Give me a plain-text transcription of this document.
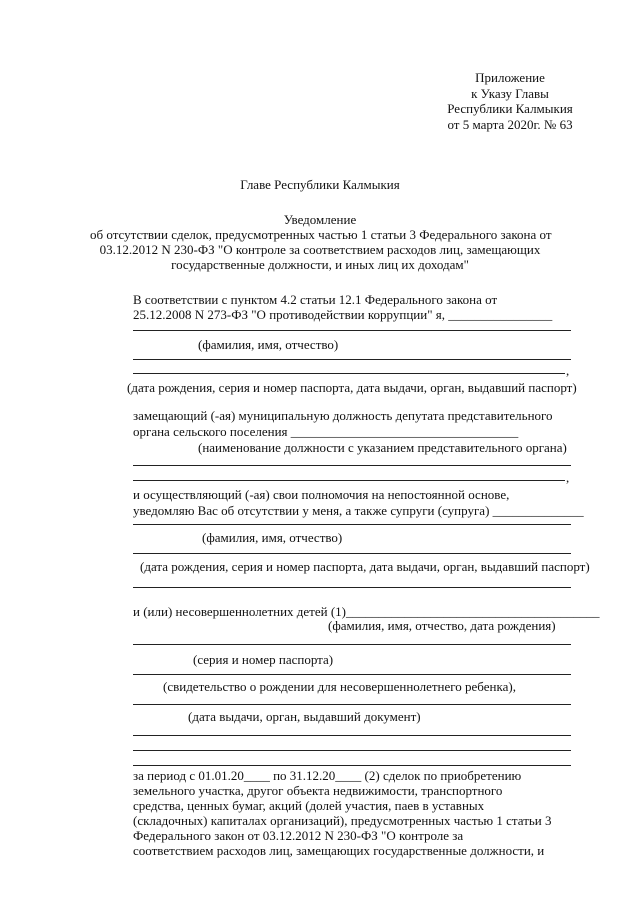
Приложение
к Указу Главы
Республики Калмыкия
от 5 марта 2020г. № 63
Главе Республики Калмыкия
Уведомление
об отсутствии сделок, предусмотренных частью 1 статьи 3 Федерального закона от
03.12.2012 N 230-ФЗ "О контроле за соответствием расходов лиц, замещающих
государственные должности, и иных лиц их доходам"
В соответствии с пунктом 4.2 статьи 12.1 Федерального закона от
25.12.2008 N 273-ФЗ "О противодействии коррупции" я, ________________
(фамилия, имя, отчество)
,
(дата рождения, серия и номер паспорта, дата выдачи, орган, выдавший паспорт)
замещающий (-ая) муниципальную должность депутата представительного
органа сельского поселения ___________________________________
(наименование должности с указанием представительного органа)
,
и осуществляющий (-ая) свои полномочия на непостоянной основе,
уведомляю Вас об отсутствии у меня, а также супруги (супруга) ______________
(фамилия, имя, отчество)
(дата рождения, серия и номер паспорта, дата выдачи, орган, выдавший паспорт)
и (или) несовершеннолетних детей (1)_______________________________________
(фамилия, имя, отчество, дата рождения)
(серия и номер паспорта)
(свидетельство о рождении для несовершеннолетнего ребенка),
(дата выдачи, орган, выдавший документ)
за период с 01.01.20____ по 31.12.20____ (2) сделок по приобретению
земельного участка, другог объекта недвижимости, транспортного
средства, ценных бумаг, акций (долей участия, паев в уставных
(складочных) капиталах организаций), предусмотренных частью 1 статьи 3
Федерального закон от 03.12.2012 N 230-ФЗ "О контроле за
соответствием расходов лиц, замещающих государственные должности, и
